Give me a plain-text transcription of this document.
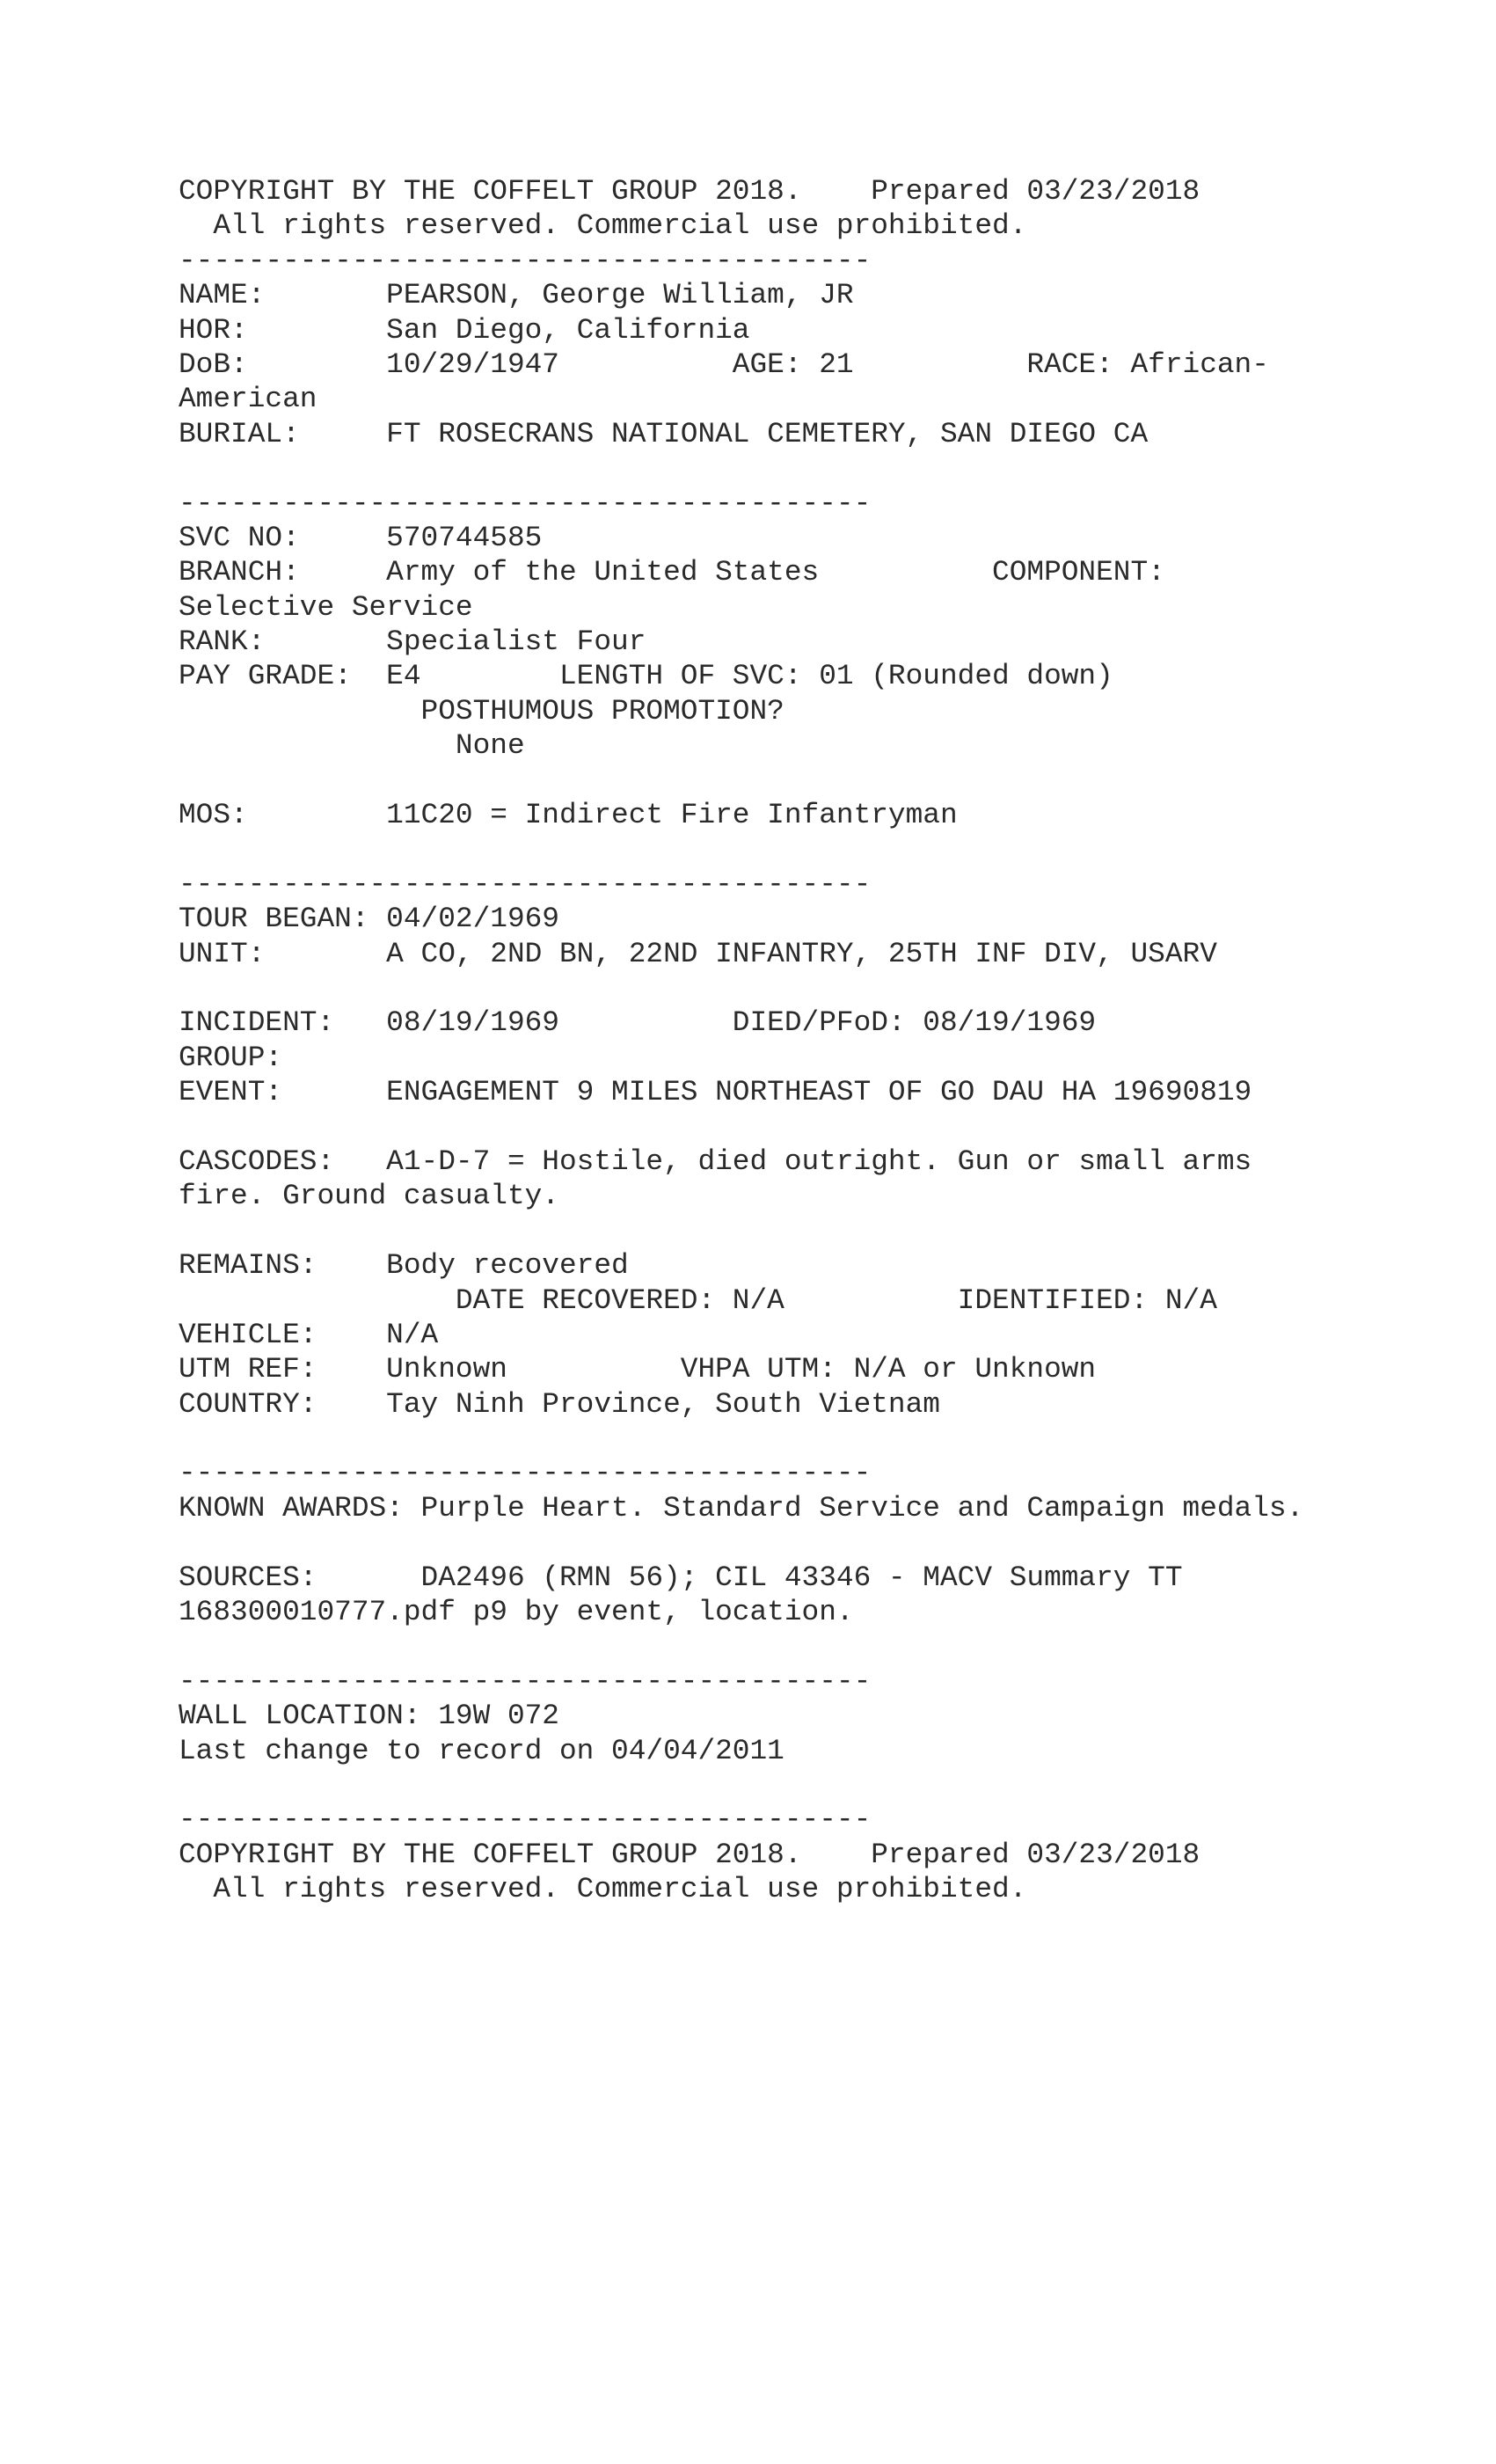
COPYRIGHT BY THE COFFELT GROUP 2018.    Prepared 03/23/2018
All rights reserved. Commercial use prohibited.
----------------------------------------
NAME:       PEARSON, George William, JR
HOR:        San Diego, California
DoB:        10/29/1947          AGE: 21          RACE: African-
American
BURIAL:     FT ROSECRANS NATIONAL CEMETERY, SAN DIEGO CA
----------------------------------------
SVC NO:     570744585
BRANCH:     Army of the United States          COMPONENT:
Selective Service
RANK:       Specialist Four
PAY GRADE:  E4        LENGTH OF SVC: 01 (Rounded down)
POSTHUMOUS PROMOTION?
None
MOS:        11C20 = Indirect Fire Infantryman
----------------------------------------
TOUR BEGAN: 04/02/1969
UNIT:       A CO, 2ND BN, 22ND INFANTRY, 25TH INF DIV, USARV
INCIDENT:   08/19/1969          DIED/PFoD: 08/19/1969
GROUP:
EVENT:      ENGAGEMENT 9 MILES NORTHEAST OF GO DAU HA 19690819
CASCODES:   A1-D-7 = Hostile, died outright. Gun or small arms
fire. Ground casualty.
REMAINS:    Body recovered
DATE RECOVERED: N/A          IDENTIFIED: N/A
VEHICLE:    N/A
UTM REF:    Unknown          VHPA UTM: N/A or Unknown
COUNTRY:    Tay Ninh Province, South Vietnam
----------------------------------------
KNOWN AWARDS: Purple Heart. Standard Service and Campaign medals.
SOURCES:      DA2496 (RMN 56); CIL 43346 - MACV Summary TT
168300010777.pdf p9 by event, location.
----------------------------------------
WALL LOCATION: 19W 072
Last change to record on 04/04/2011
----------------------------------------
COPYRIGHT BY THE COFFELT GROUP 2018.    Prepared 03/23/2018
All rights reserved. Commercial use prohibited.
